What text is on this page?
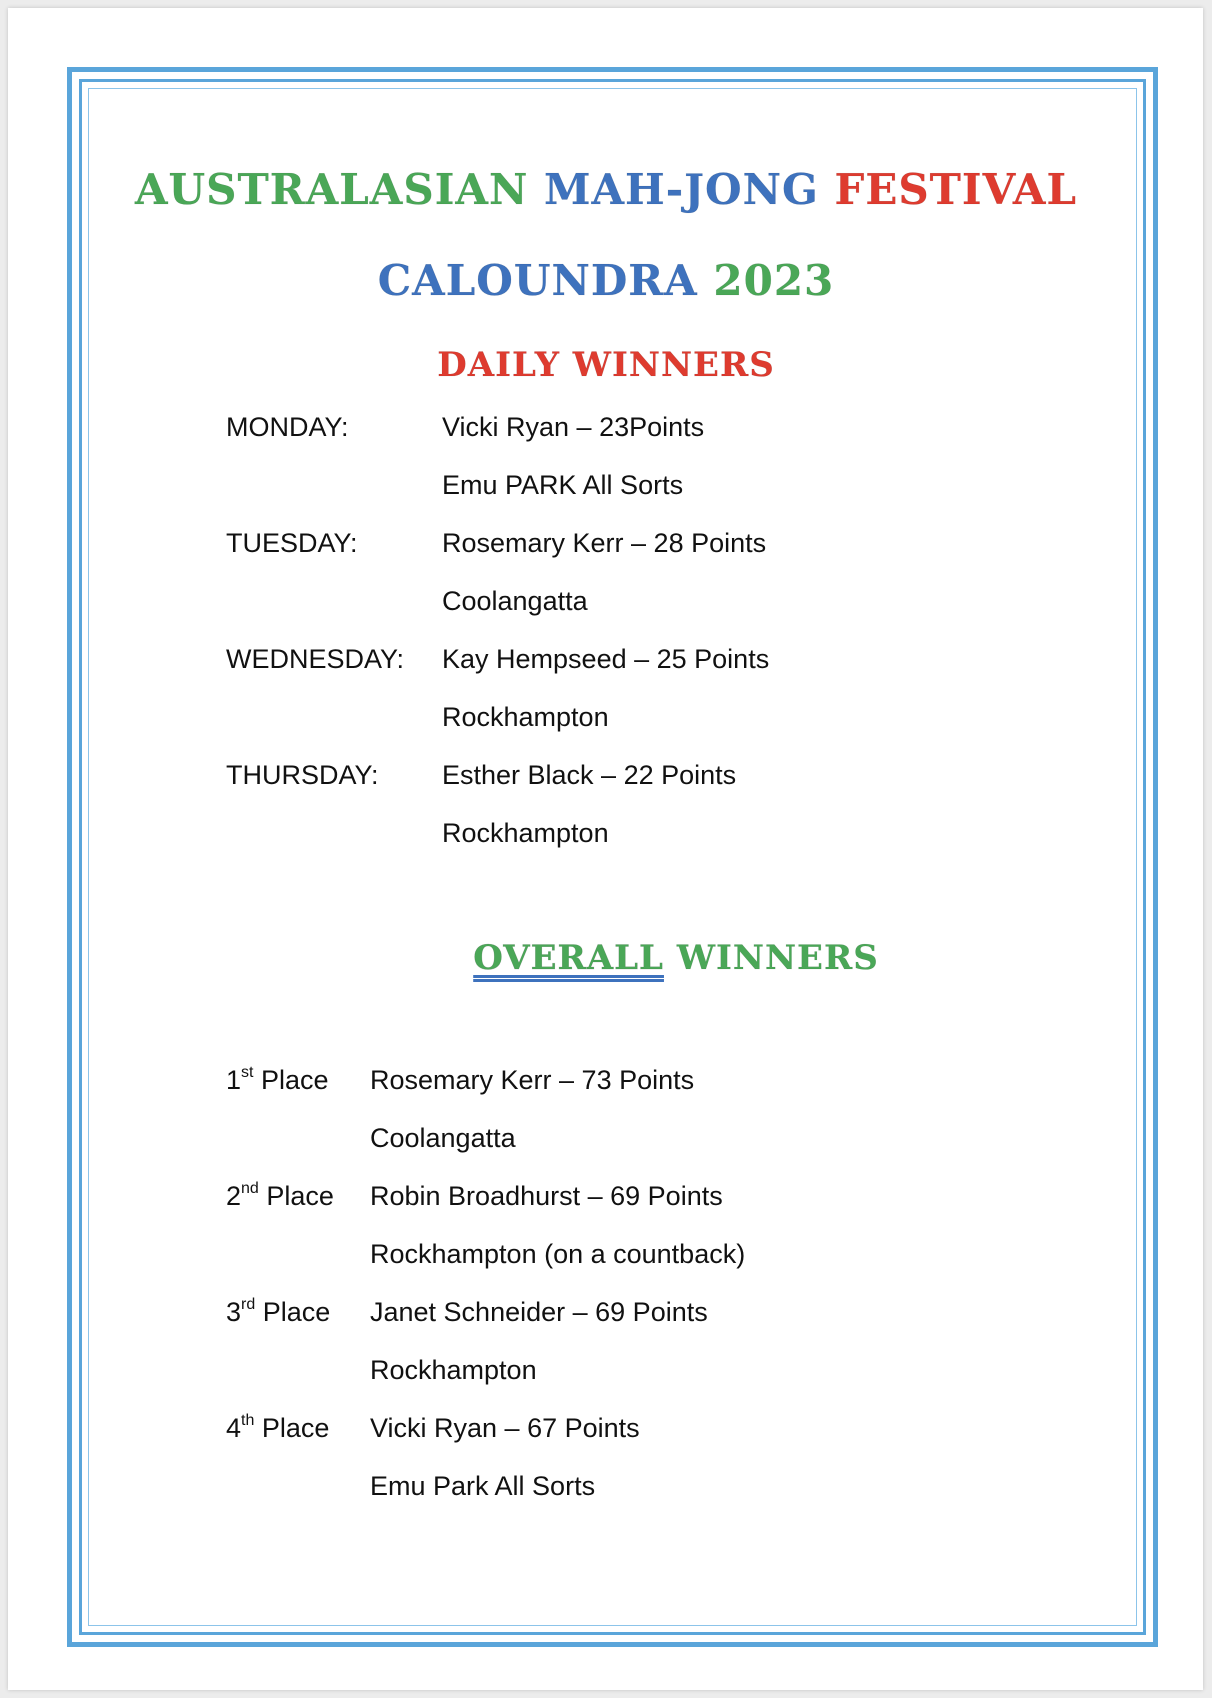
AUSTRALASIAN MAH-JONG FESTIVAL
CALOUNDRA 2023
DAILY WINNERS
MONDAY:	Vicki Ryan – 23Points
Emu PARK All Sorts
TUESDAY:	Rosemary Kerr – 28 Points
Coolangatta
WEDNESDAY: Kay Hempseed – 25 Points
Rockhampton
THURSDAY: Esther Black – 22 Points
Rockhampton
OVERALL WINNERS
1st Place Rosemary Kerr – 73 Points
Coolangatta
2nd Place Robin Broadhurst – 69 Points
Rockhampton (on a countback)
3rd Place Janet Schneider – 69 Points
Rockhampton
4th Place Vicki Ryan – 67 Points
Emu Park All Sorts
